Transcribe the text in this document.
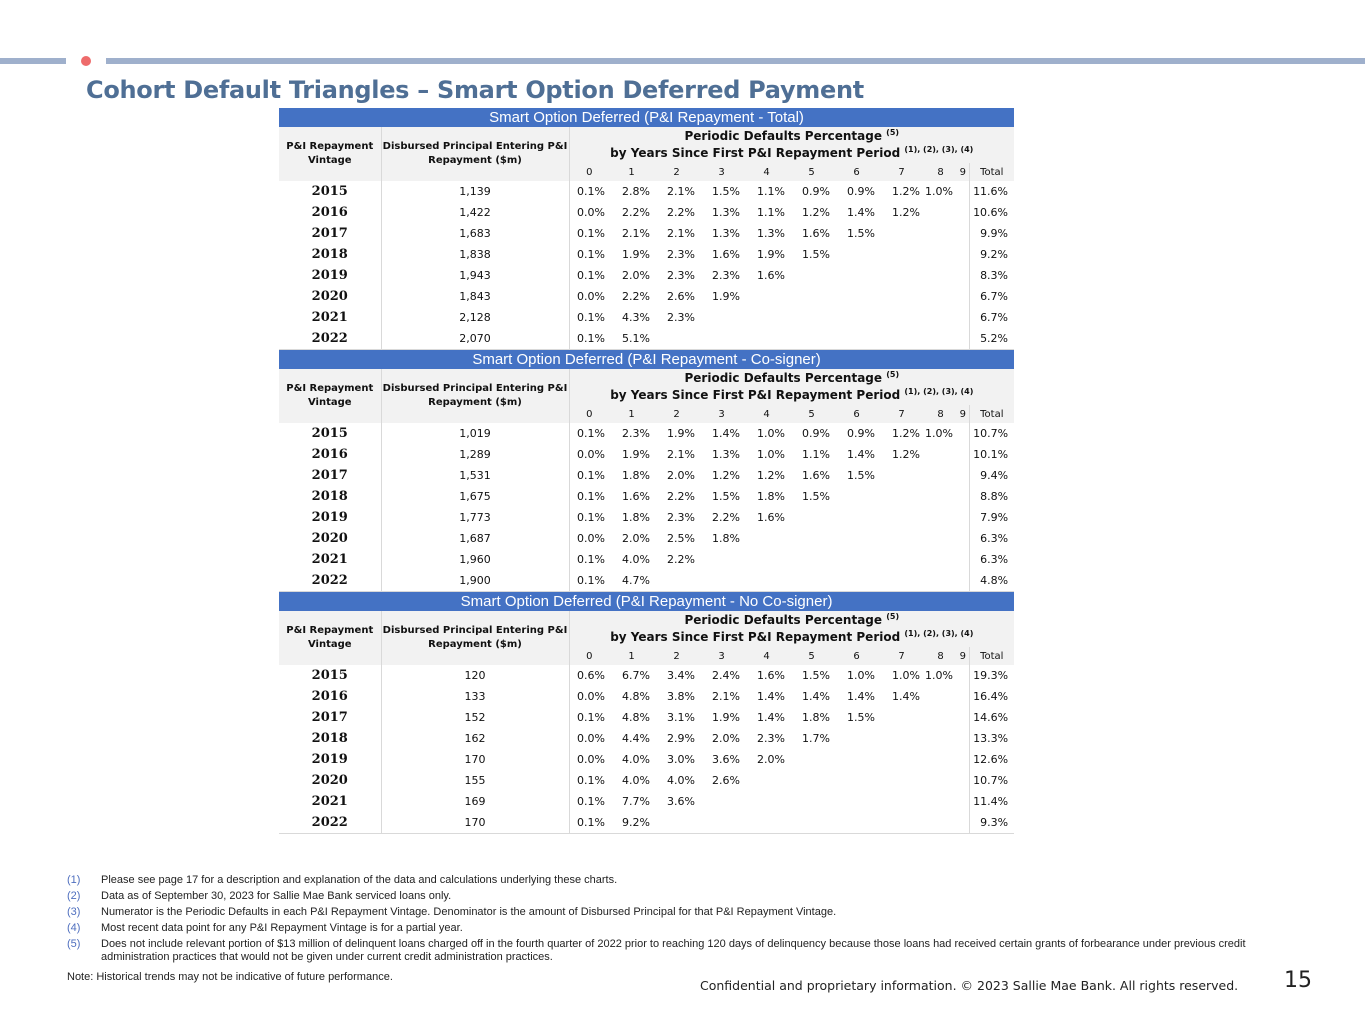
Cohort Default Triangles – Smart Option Deferred Payment
Smart Option Deferred (P&I Repayment - Total)												
P&I Repayment Vintage	Disbursed Principal Entering P&I Repayment ($m)	Periodic Defaults Percentage $^{(5)}$
by Years Since First P&I Repayment Period $^{(1), (2), (3), (4)}$

		0	1	2	3	4	5	6	7	8	9	Total
2015	1,139	0.1%	2.8%	2.1%	1.5%	1.1%	0.9%	0.9%	1.2%	1.0%		11.6%
2016	1,422	0.0%	2.2%	2.2%	1.3%	1.1%	1.2%	1.4%	1.2%			10.6%
2017	1,683	0.1%	2.1%	2.1%	1.3%	1.3%	1.6%	1.5%				9.9%
2018	1,838	0.1%	1.9%	2.3%	1.6%	1.9%	1.5%					9.2%
2019	1,943	0.1%	2.0%	2.3%	2.3%	1.6%						8.3%
2020	1,843	0.0%	2.2%	2.6%	1.9%							6.7%
2021	2,128	0.1%	4.3%	2.3%								6.7%
2022	2,070	0.1%	5.1%									5.2%
Smart Option Deferred (P&I Repayment - Co-signer)												
P&I Repayment Vintage	Disbursed Principal Entering P&I Repayment ($m)	Periodic Defaults Percentage $^{(5)}$
by Years Since First P&I Repayment Period $^{(1), (2), (3), (4)}$

		0	1	2	3	4	5	6	7	8	9	Total
2015	1,019	0.1%	2.3%	1.9%	1.4%	1.0%	0.9%	0.9%	1.2%	1.0%		10.7%
2016	1,289	0.0%	1.9%	2.1%	1.3%	1.0%	1.1%	1.4%	1.2%			10.1%
2017	1,531	0.1%	1.8%	2.0%	1.2%	1.2%	1.6%	1.5%				9.4%
2018	1,675	0.1%	1.6%	2.2%	1.5%	1.8%	1.5%					8.8%
2019	1,773	0.1%	1.8%	2.3%	2.2%	1.6%						7.9%
2020	1,687	0.0%	2.0%	2.5%	1.8%							6.3%
2021	1,960	0.1%	4.0%	2.2%								6.3%
2022	1,900	0.1%	4.7%									4.8%
Smart Option Deferred (P&I Repayment - No Co-signer)												
P&I Repayment Vintage	Disbursed Principal Entering P&I Repayment ($m)	Periodic Defaults Percentage $^{(5)}$
by Years Since First P&I Repayment Period $^{(1), (2), (3), (4)}$

		0	1	2	3	4	5	6	7	8	9	Total
2015	120	0.6%	6.7%	3.4%	2.4%	1.6%	1.5%	1.0%	1.0%	1.0%		19.3%
2016	133	0.0%	4.8%	3.8%	2.1%	1.4%	1.4%	1.4%	1.4%			16.4%
2017	152	0.1%	4.8%	3.1%	1.9%	1.4%	1.8%	1.5%				14.6%
2018	162	0.0%	4.4%	2.9%	2.0%	2.3%	1.7%					13.3%
2019	170	0.0%	4.0%	3.0%	3.6%	2.0%						12.6%
2020	155	0.1%	4.0%	4.0%	2.6%							10.7%
2021	169	0.1%	7.7%	3.6%								11.4%
2022	170	0.1%	9.2%									9.3%
(1)	Please see page 17 for a description and explanation of the data and calculations underlying these charts.
(2)	Data as of September 30, 2023 for Sallie Mae Bank serviced loans only.
(3)	Numerator is the Periodic Defaults in each P&I Repayment Vintage. Denominator is the amount of Disbursed Principal for that P&I Repayment Vintage.
(4)	Most recent data point for any P&I Repayment Vintage is for a partial year.
(5)	Does not include relevant portion of $13 million of delinquent loans charged off in the fourth quarter of 2022 prior to reaching 120 days of delinquency because those loans had received certain grants of forbearance under previous credit administration practices that would not be given under current credit administration practices.
Note: Historical trends may not be indicative of future performance.
Confidential and proprietary information. © 2023 Sallie Mae Bank. All rights reserved. 15
